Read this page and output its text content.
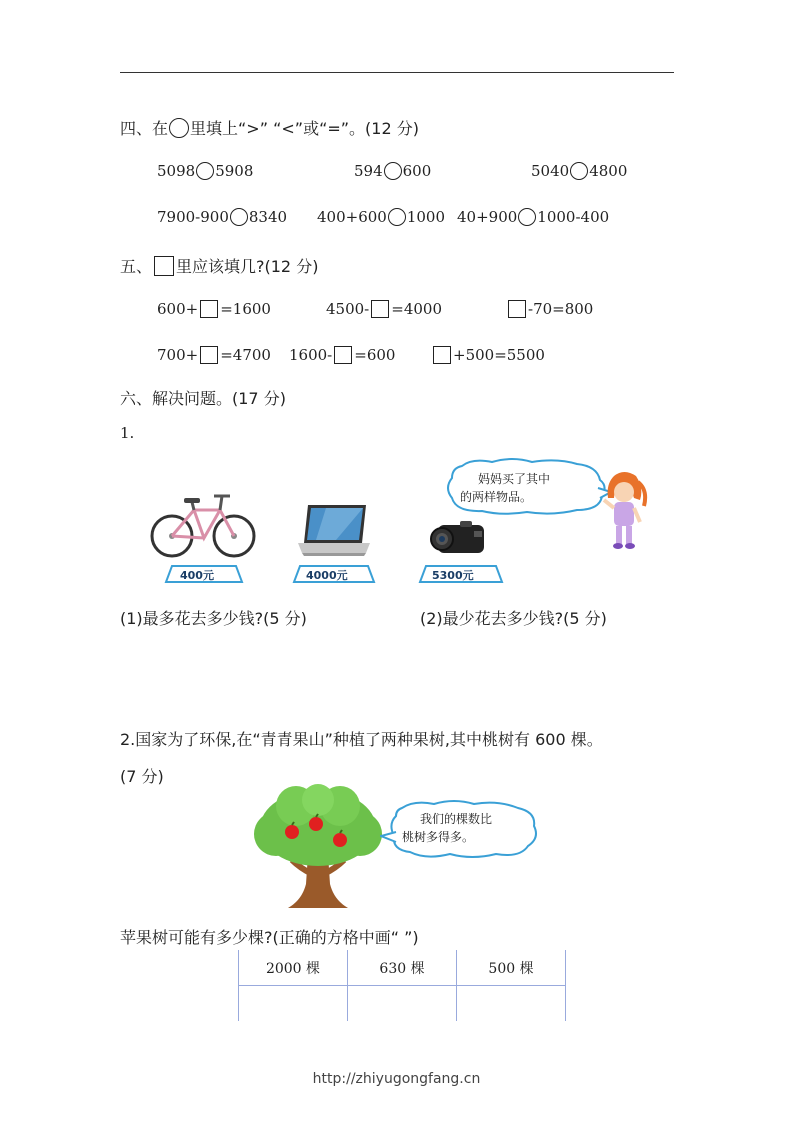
四、在 里填上“>” “<”或“=”。(12 分)
5098 5908	594 600	5040 4800
7900-900 8340 400+600 1000 40+900 1000-400
五、 里应该填几?(12 分)
600+ =1600	4500- =4000	-70=800
700+ =4700 1600- =600	+500=5500
六、解决问题。(17 分)
1.
400元	4000元	5300元
妈妈买了其中
的两样物品。
(1)最多花去多少钱?(5 分)	(2)最少花去多少钱?(5 分)
2.国家为了环保,在“青青果山”种植了两种果树,其中桃树有 600 棵。
(7 分)
我们的棵数比
桃树多得多。
苹果树可能有多少棵?(正确的方格中画“ ”)
2000 棵	630 棵	500 棵

http://zhiyugongfang.cn
